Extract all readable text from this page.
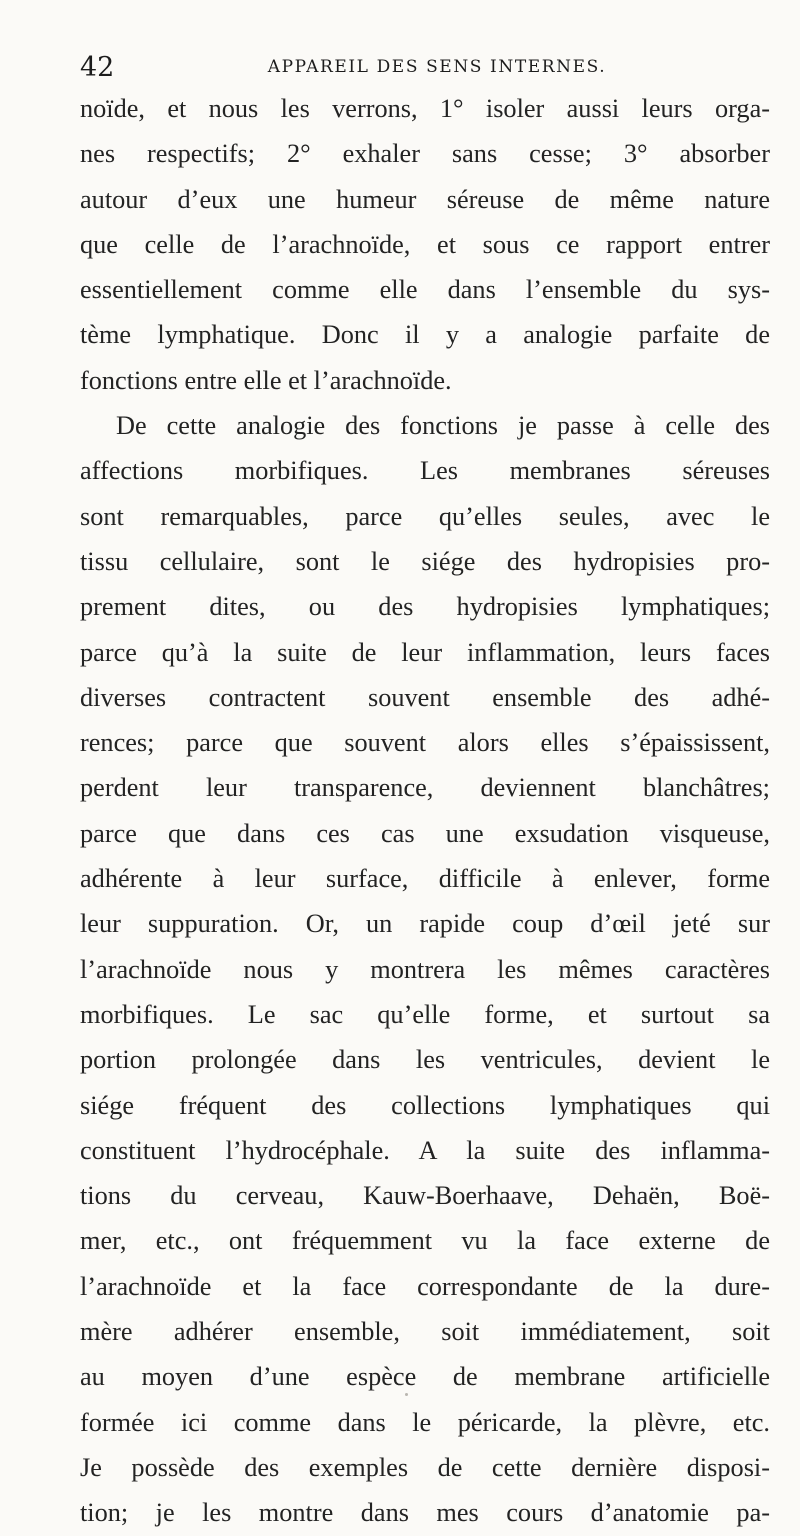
42	APPAREIL DES SENS INTERNES.
noïde, et nous les verrons, 1° isoler aussi leurs orga-
nes respectifs; 2° exhaler sans cesse; 3° absorber
autour d’eux une humeur séreuse de même nature
que celle de l’arachnoïde, et sous ce rapport entrer
essentiellement comme elle dans l’ensemble du sys-
tème lymphatique. Donc il y a analogie parfaite de
fonctions entre elle et l’arachnoïde.
De cette analogie des fonctions je passe à celle des
affections morbifiques. Les membranes séreuses
sont remarquables, parce qu’elles seules, avec le
tissu cellulaire, sont le siége des hydropisies pro-
prement dites, ou des hydropisies lymphatiques;
parce qu’à la suite de leur inflammation, leurs faces
diverses contractent souvent ensemble des adhé-
rences; parce que souvent alors elles s’épaississent,
perdent leur transparence, deviennent blanchâtres;
parce que dans ces cas une exsudation visqueuse,
adhérente à leur surface, difficile à enlever, forme
leur suppuration. Or, un rapide coup d’œil jeté sur
l’arachnoïde nous y montrera les mêmes caractères
morbifiques. Le sac qu’elle forme, et surtout sa
portion prolongée dans les ventricules, devient le
siége fréquent des collections lymphatiques qui
constituent l’hydrocéphale. A la suite des inflamma-
tions du cerveau, Kauw-Boerhaave, Dehaën, Boë-
mer, etc., ont fréquemment vu la face externe de
l’arachnoïde et la face correspondante de la dure-
mère adhérer ensemble, soit immédiatement, soit
au moyen d’une espèce de membrane artificielle
formée ici comme dans le péricarde, la plèvre, etc.
Je possède des exemples de cette dernière disposi-
tion; je les montre dans mes cours d’anatomie pa-
